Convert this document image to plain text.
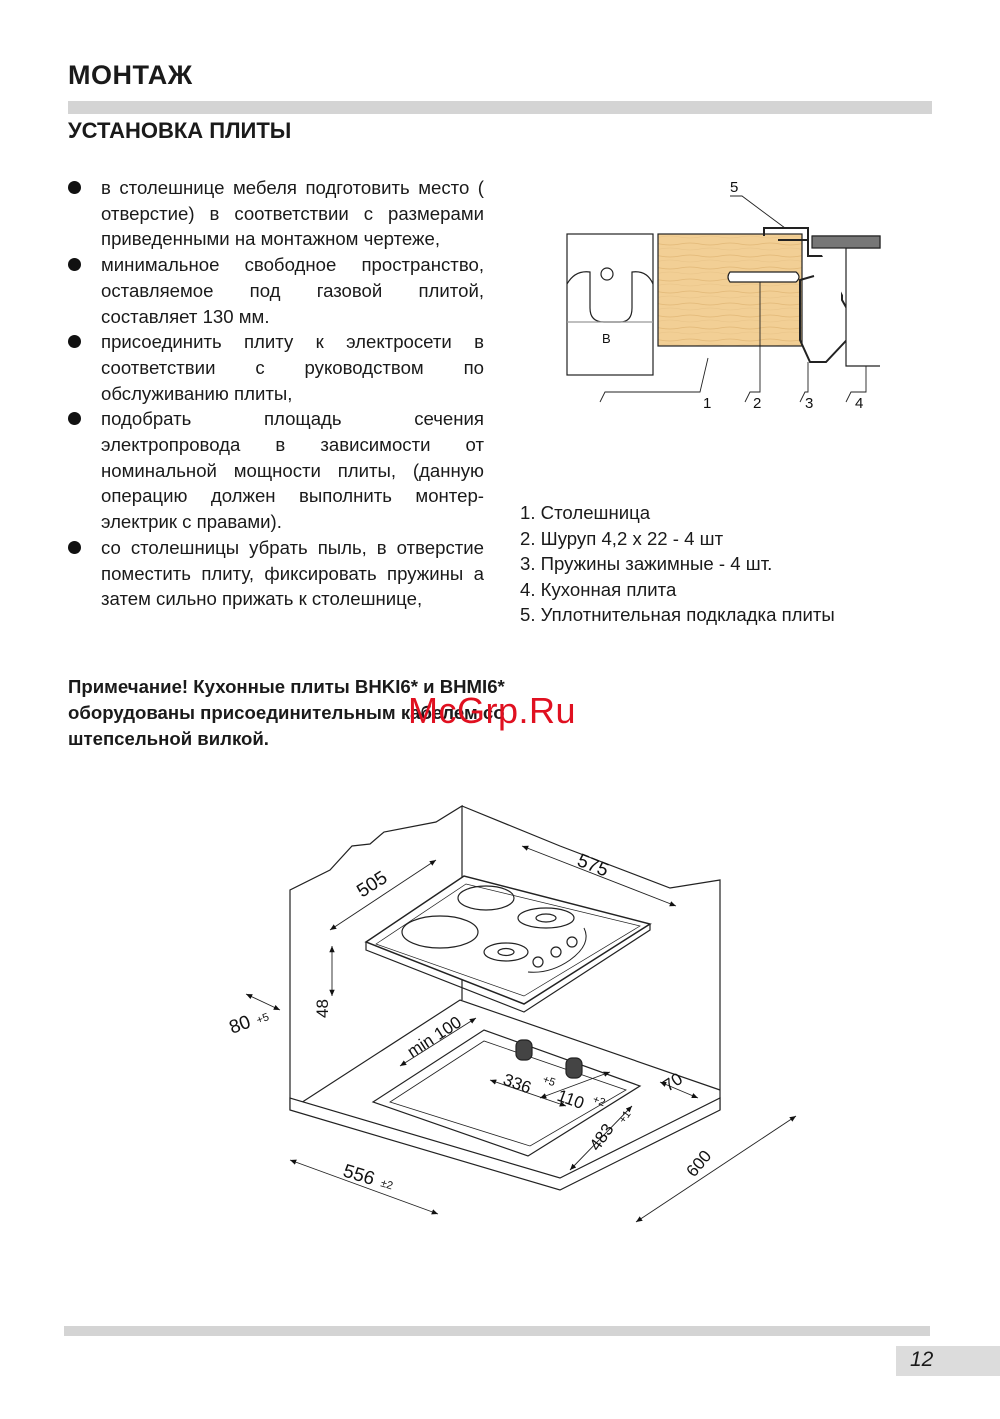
МОНТАЖ
УСТАНОВКА ПЛИТЫ
в столешнице мебеля подготовить место ( отверстие) в соответствии с размерами приведенными на монтажном чертеже,
минимальное свободное пространство, оставляемое под газовой плитой, составляет 130 мм.
присоединить плиту к электросети в соответствии с руководством по обслуживанию плиты,
подобрать площадь сечения электропровода в зависимости от номинальной мощности плиты, (данную операцию должен выполнить монтер-электрик с правами).
со столешницы убрать пыль, в отверстие поместить плиту, фиксировать пружины а затем сильно прижать к столешнице,

Примечание! Кухонные плиты BHKI6* и BHMI6* оборудованы присоединительным кабелем со штепсельной вилкой.

1. Столешница
2. Шуруп 4,2 х 22 - 4 шт
3. Пружины зажимные - 4 шт.
4. Кухонная плита
5. Уплотнительная подкладка плиты
B
1	2	3	4
5
575
505
48
80 +5	min 100
336 +5
110 +2
70
483
+1
556 ±2
600
McGrp.Ru
12
